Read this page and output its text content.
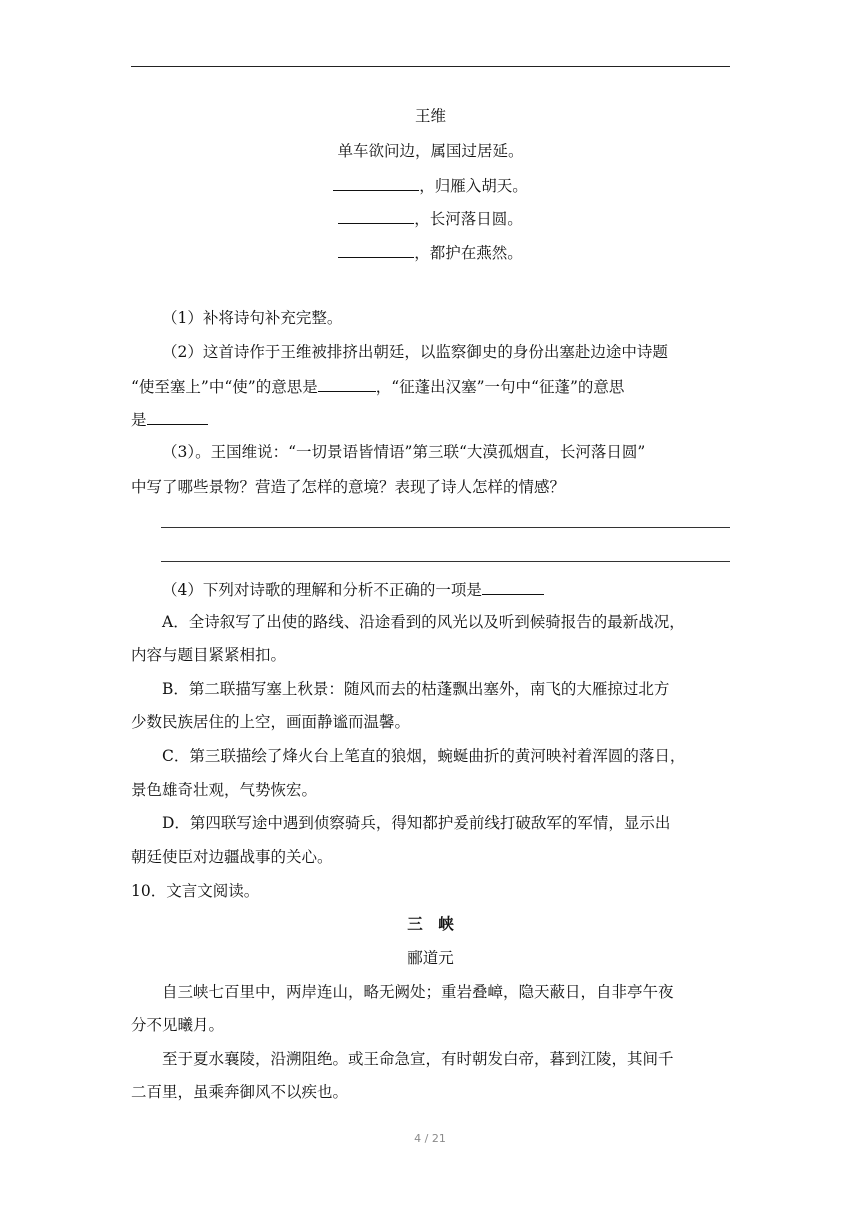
王维
单车欲问边，属国过居延。
，归雁入胡天。
，长河落日圆。
，都护在燕然。
（1）补将诗句补充完整。
（2）这首诗作于王维被排挤出朝廷，以监察御史的身份出塞赴边途中诗题
“使至塞上”中“使”的意思是	，“征蓬出汉塞”一句中“征蓬”的意思
是
（3）。王国维说：“一切景语皆情语”第三联“大漠孤烟直，长河落日圆”
中写了哪些景物？营造了怎样的意境？表现了诗人怎样的情感？
（4）下列对诗歌的理解和分析不正确的一项是
A．全诗叙写了出使的路线、沿途看到的风光以及听到候骑报告的最新战况，
内容与题目紧紧相扣。
B．第二联描写塞上秋景：随风而去的枯蓬飘出塞外，南飞的大雁掠过北方
少数民族居住的上空，画面静谧而温馨。
C．第三联描绘了烽火台上笔直的狼烟，蜿蜒曲折的黄河映衬着浑圆的落日，
景色雄奇壮观，气势恢宏。
D．第四联写途中遇到侦察骑兵，得知都护爰前线打破敌军的军情，显示出
朝廷使臣对边疆战事的关心。
10．文言文阅读。
三　峡
郦道元
自三峡七百里中，两岸连山，略无阙处；重岩叠嶂，隐天蔽日，自非亭午夜
分不见曦月。
至于夏水襄陵，沿溯阻绝。或王命急宣，有时朝发白帝，暮到江陵，其间千
二百里，虽乘奔御风不以疾也。
4 / 21
